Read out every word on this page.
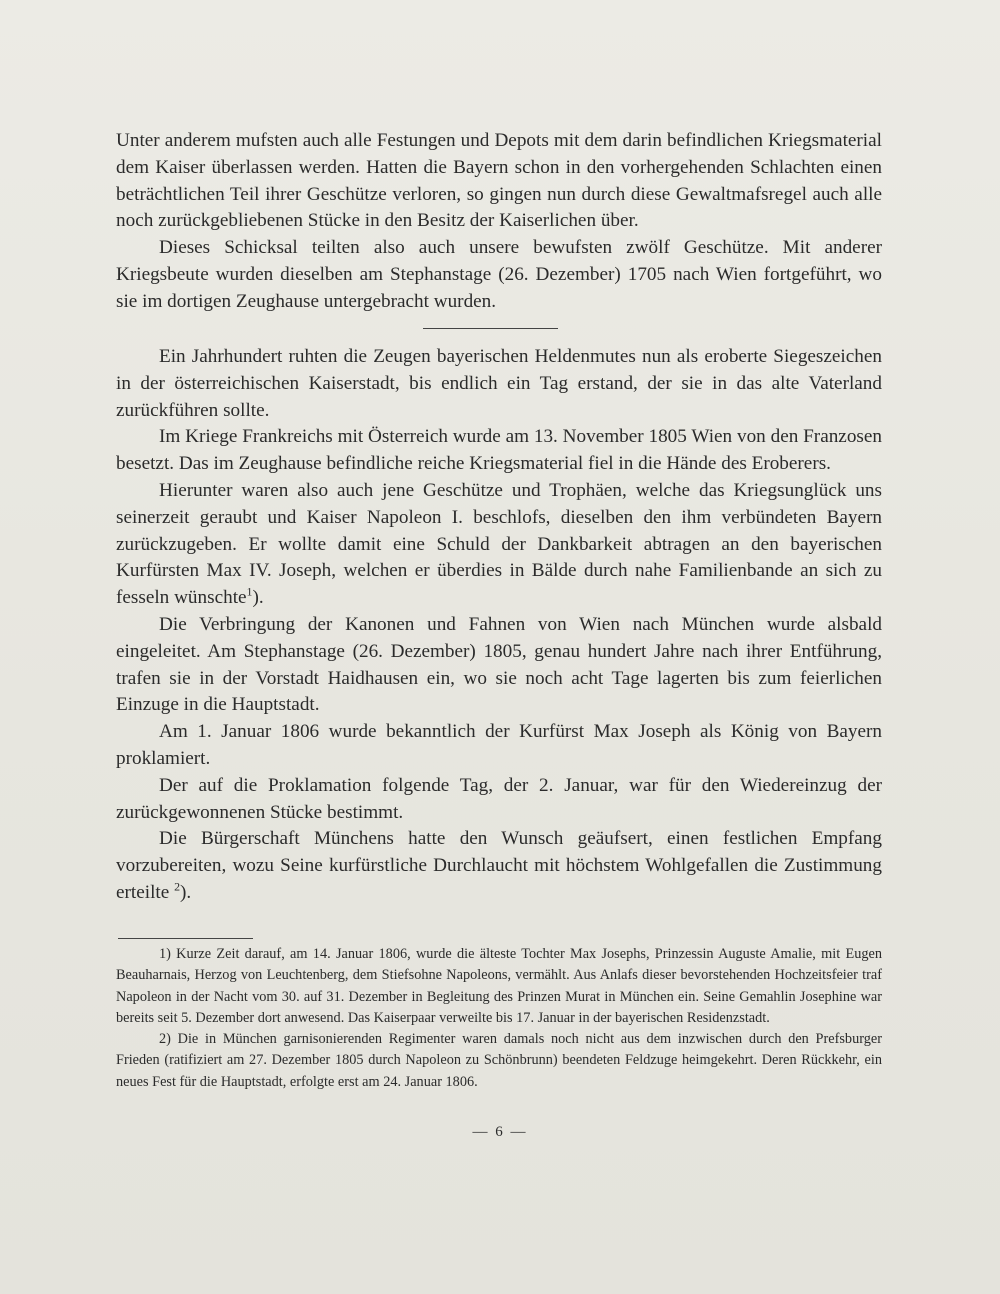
Unter anderem mufsten auch alle Festungen und Depots mit dem darin befindlichen Kriegsmaterial dem Kaiser überlassen werden. Hatten die Bayern schon in den vorhergehenden Schlachten einen beträchtlichen Teil ihrer Geschütze verloren, so gingen nun durch diese Gewaltmafsregel auch alle noch zurückgebliebenen Stücke in den Besitz der Kaiserlichen über.

Dieses Schicksal teilten also auch unsere bewufsten zwölf Geschütze. Mit anderer Kriegsbeute wurden dieselben am Stephanstage (26. Dezember) 1705 nach Wien fortgeführt, wo sie im dortigen Zeughause untergebracht wurden.

Ein Jahrhundert ruhten die Zeugen bayerischen Heldenmutes nun als eroberte Siegeszeichen in der österreichischen Kaiserstadt, bis endlich ein Tag erstand, der sie in das alte Vaterland zurückführen sollte.

Im Kriege Frankreichs mit Österreich wurde am 13. November 1805 Wien von den Franzosen besetzt. Das im Zeughause befindliche reiche Kriegsmaterial fiel in die Hände des Eroberers.

Hierunter waren also auch jene Geschütze und Trophäen, welche das Kriegsunglück uns seinerzeit geraubt und Kaiser Napoleon I. beschlofs, dieselben den ihm verbündeten Bayern zurückzugeben. Er wollte damit eine Schuld der Dankbarkeit abtragen an den bayerischen Kurfürsten Max IV. Joseph, welchen er überdies in Bälde durch nahe Familienbande an sich zu fesseln wünschte$^1$).

Die Verbringung der Kanonen und Fahnen von Wien nach München wurde alsbald eingeleitet. Am Stephanstage (26. Dezember) 1805, genau hundert Jahre nach ihrer Entführung, trafen sie in der Vorstadt Haidhausen ein, wo sie noch acht Tage lagerten bis zum feierlichen Einzuge in die Hauptstadt.

Am 1. Januar 1806 wurde bekanntlich der Kurfürst Max Joseph als König von Bayern proklamiert.

Der auf die Proklamation folgende Tag, der 2. Januar, war für den Wiedereinzug der zurückgewonnenen Stücke bestimmt.

Die Bürgerschaft Münchens hatte den Wunsch geäufsert, einen festlichen Empfang vorzubereiten, wozu Seine kurfürstliche Durchlaucht mit höchstem Wohlgefallen die Zustimmung erteilte $^2$).

1) Kurze Zeit darauf, am 14. Januar 1806, wurde die älteste Tochter Max Josephs, Prinzessin Auguste Amalie, mit Eugen Beauharnais, Herzog von Leuchtenberg, dem Stiefsohne Napoleons, vermählt. Aus Anlafs dieser bevorstehenden Hochzeitsfeier traf Napoleon in der Nacht vom 30. auf 31. Dezember in Begleitung des Prinzen Murat in München ein. Seine Gemahlin Josephine war bereits seit 5. Dezember dort anwesend. Das Kaiserpaar verweilte bis 17. Januar in der bayerischen Residenzstadt.

2) Die in München garnisonierenden Regimenter waren damals noch nicht aus dem inzwischen durch den Prefsburger Frieden (ratifiziert am 27. Dezember 1805 durch Napoleon zu Schönbrunn) beendeten Feldzuge heimgekehrt. Deren Rückkehr, ein neues Fest für die Hauptstadt, erfolgte erst am 24. Januar 1806.

— 6 —
